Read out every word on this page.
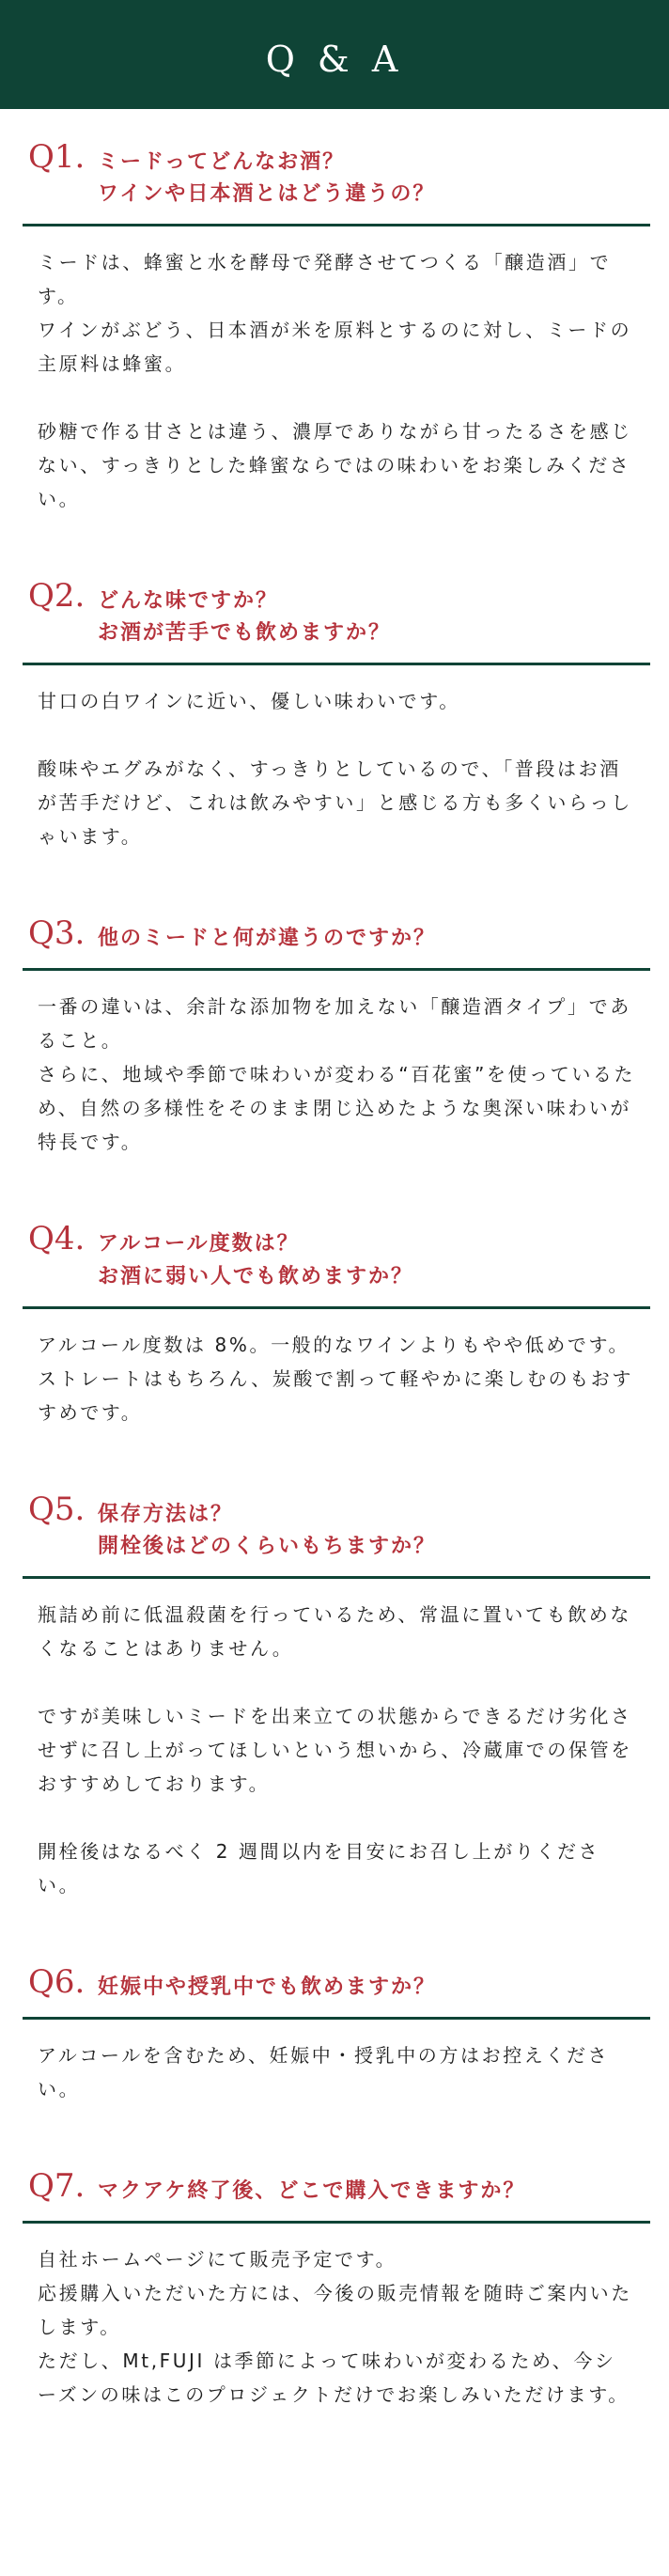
Q & A
Q1. ミードってどんなお酒？
ワインや日本酒とはどう違うの？

ミードは、蜂蜜と水を酵母で発酵させてつくる「醸造酒」です。

ワインがぶどう、日本酒が米を原料とするのに対し、ミードの主原料は蜂蜜。

砂糖で作る甘さとは違う、濃厚でありながら甘ったるさを感じない、すっきりとした蜂蜜ならではの味わいをお楽しみください。

Q2. どんな味ですか？
お酒が苦手でも飲めますか？

甘口の白ワインに近い、優しい味わいです。

酸味やエグみがなく、すっきりとしているので、「普段はお酒が苦手だけど、これは飲みやすい」と感じる方も多くいらっしゃいます。

Q3. 他のミードと何が違うのですか？

一番の違いは、余計な添加物を加えない「醸造酒タイプ」であること。

さらに、地域や季節で味わいが変わる“百花蜜”を使っているため、自然の多様性をそのまま閉じ込めたような奥深い味わいが特長です。

Q4. アルコール度数は？
お酒に弱い人でも飲めますか？

アルコール度数は 8%。一般的なワインよりもやや低めです。

ストレートはもちろん、炭酸で割って軽やかに楽しむのもおすすめです。

Q5. 保存方法は？
開栓後はどのくらいもちますか？

瓶詰め前に低温殺菌を行っているため、常温に置いても飲めなくなることはありません。

ですが美味しいミードを出来立ての状態からできるだけ劣化させずに召し上がってほしいという想いから、冷蔵庫での保管をおすすめしております。

開栓後はなるべく 2 週間以内を目安にお召し上がりください。

Q6. 妊娠中や授乳中でも飲めますか？

アルコールを含むため、妊娠中・授乳中の方はお控えください。

Q7. マクアケ終了後、どこで購入できますか？

自社ホームページにて販売予定です。

応援購入いただいた方には、今後の販売情報を随時ご案内いたします。

ただし、Mt,FUJI は季節によって味わいが変わるため、今シーズンの味はこのプロジェクトだけでお楽しみいただけます。
